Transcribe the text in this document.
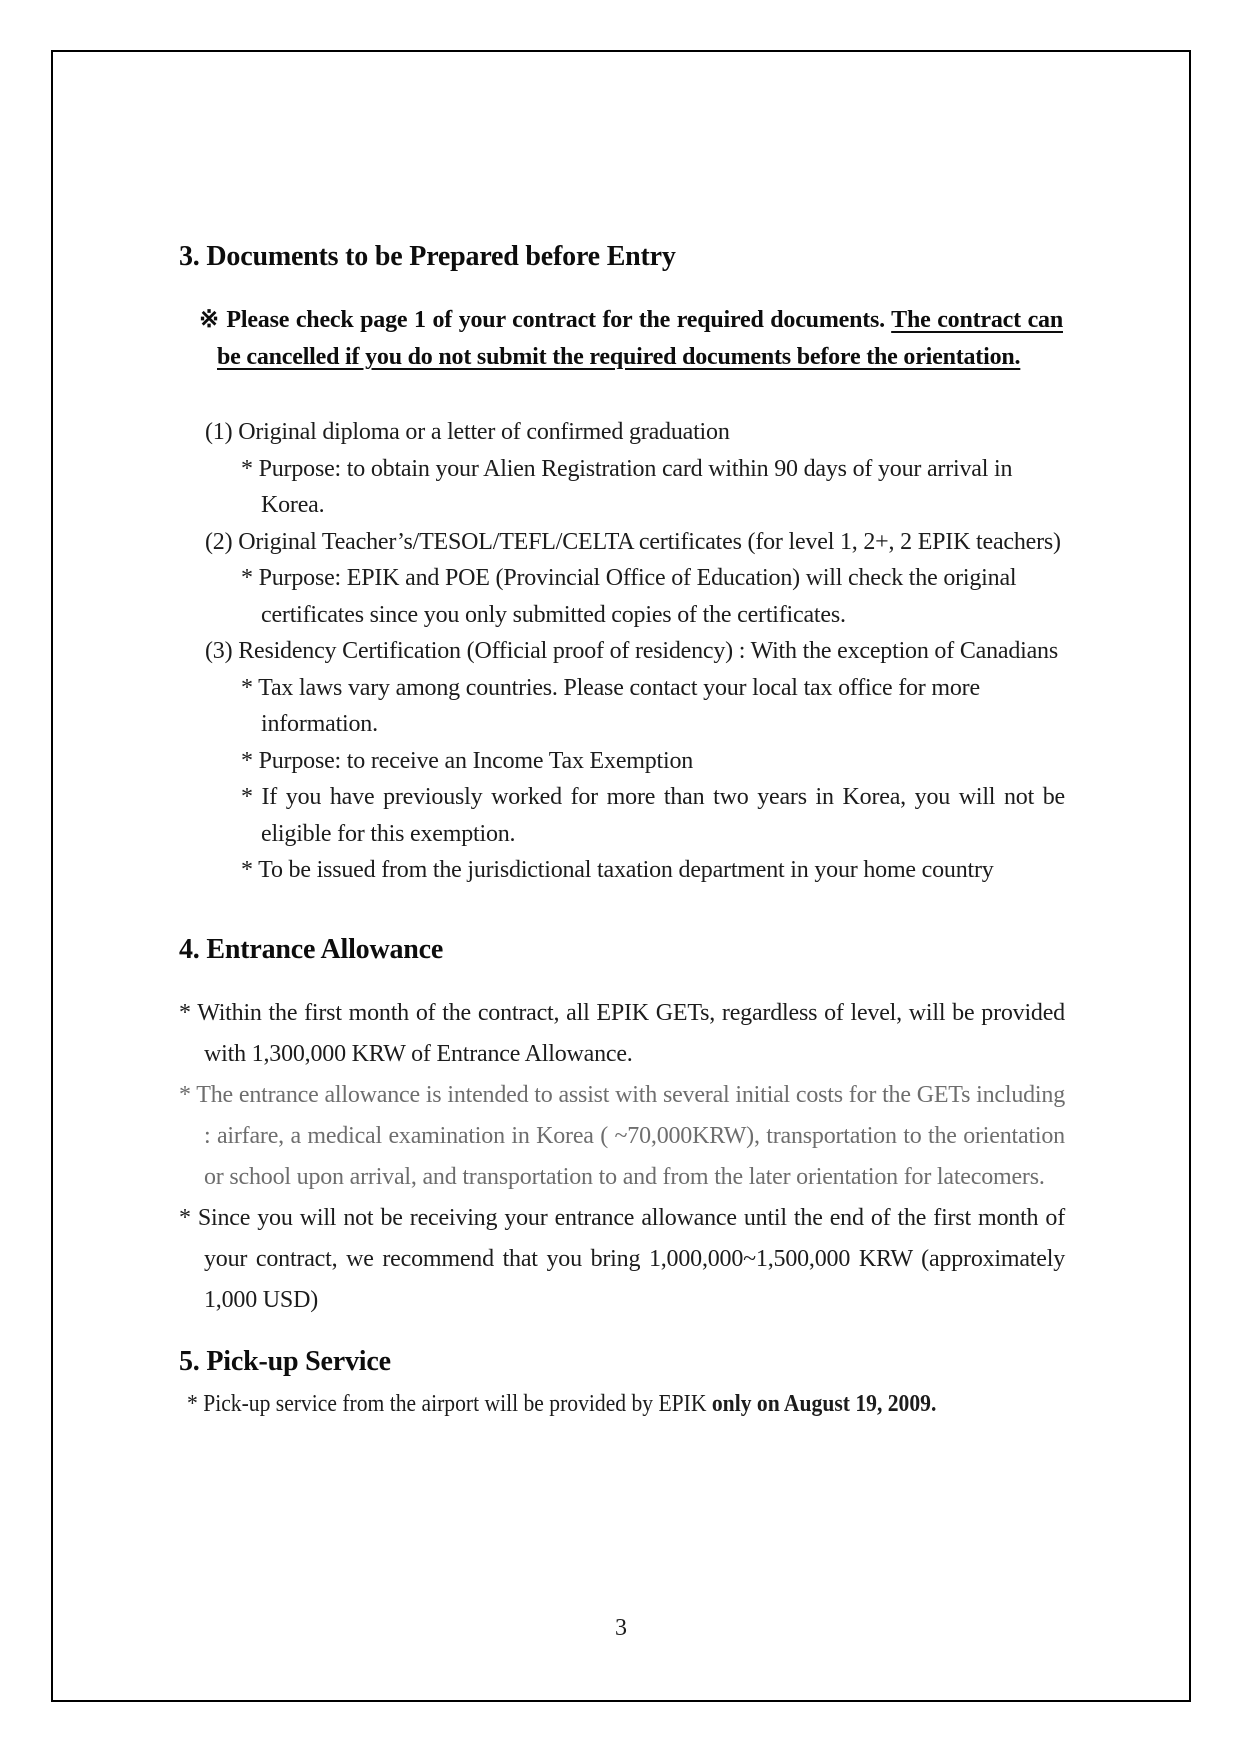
3. Documents to be Prepared before Entry

※ Please check page 1 of your contract for the required documents. The contract can be cancelled if you do not submit the required documents before the orientation.

(1) Original diploma or a letter of confirmed graduation

* Purpose: to obtain your Alien Registration card within 90 days of your arrival in Korea.

(2) Original Teacher’s/TESOL/TEFL/CELTA certificates (for level 1, 2+, 2 EPIK teachers)

* Purpose: EPIK and POE (Provincial Office of Education) will check the original certificates since you only submitted copies of the certificates.

(3) Residency Certification (Official proof of residency) : With the exception of Canadians

* Tax laws vary among countries. Please contact your local tax office for more information.

* Purpose: to receive an Income Tax Exemption

* If you have previously worked for more than two years in Korea, you will not be eligible for this exemption.

* To be issued from the jurisdictional taxation department in your home country

4. Entrance Allowance

* Within the first month of the contract, all EPIK GETs, regardless of level, will be provided with 1,300,000 KRW of Entrance Allowance.

* The entrance allowance is intended to assist with several initial costs for the GETs including : airfare, a medical examination in Korea ( ~70,000KRW), transportation to the orientation or school upon arrival, and transportation to and from the later orientation for latecomers.

* Since you will not be receiving your entrance allowance until the end of the first month of your contract, we recommend that you bring 1,000,000~1,500,000 KRW (approximately 1,000 USD)

5. Pick-up Service

* Pick-up service from the airport will be provided by EPIK only on August 19, 2009.

3
